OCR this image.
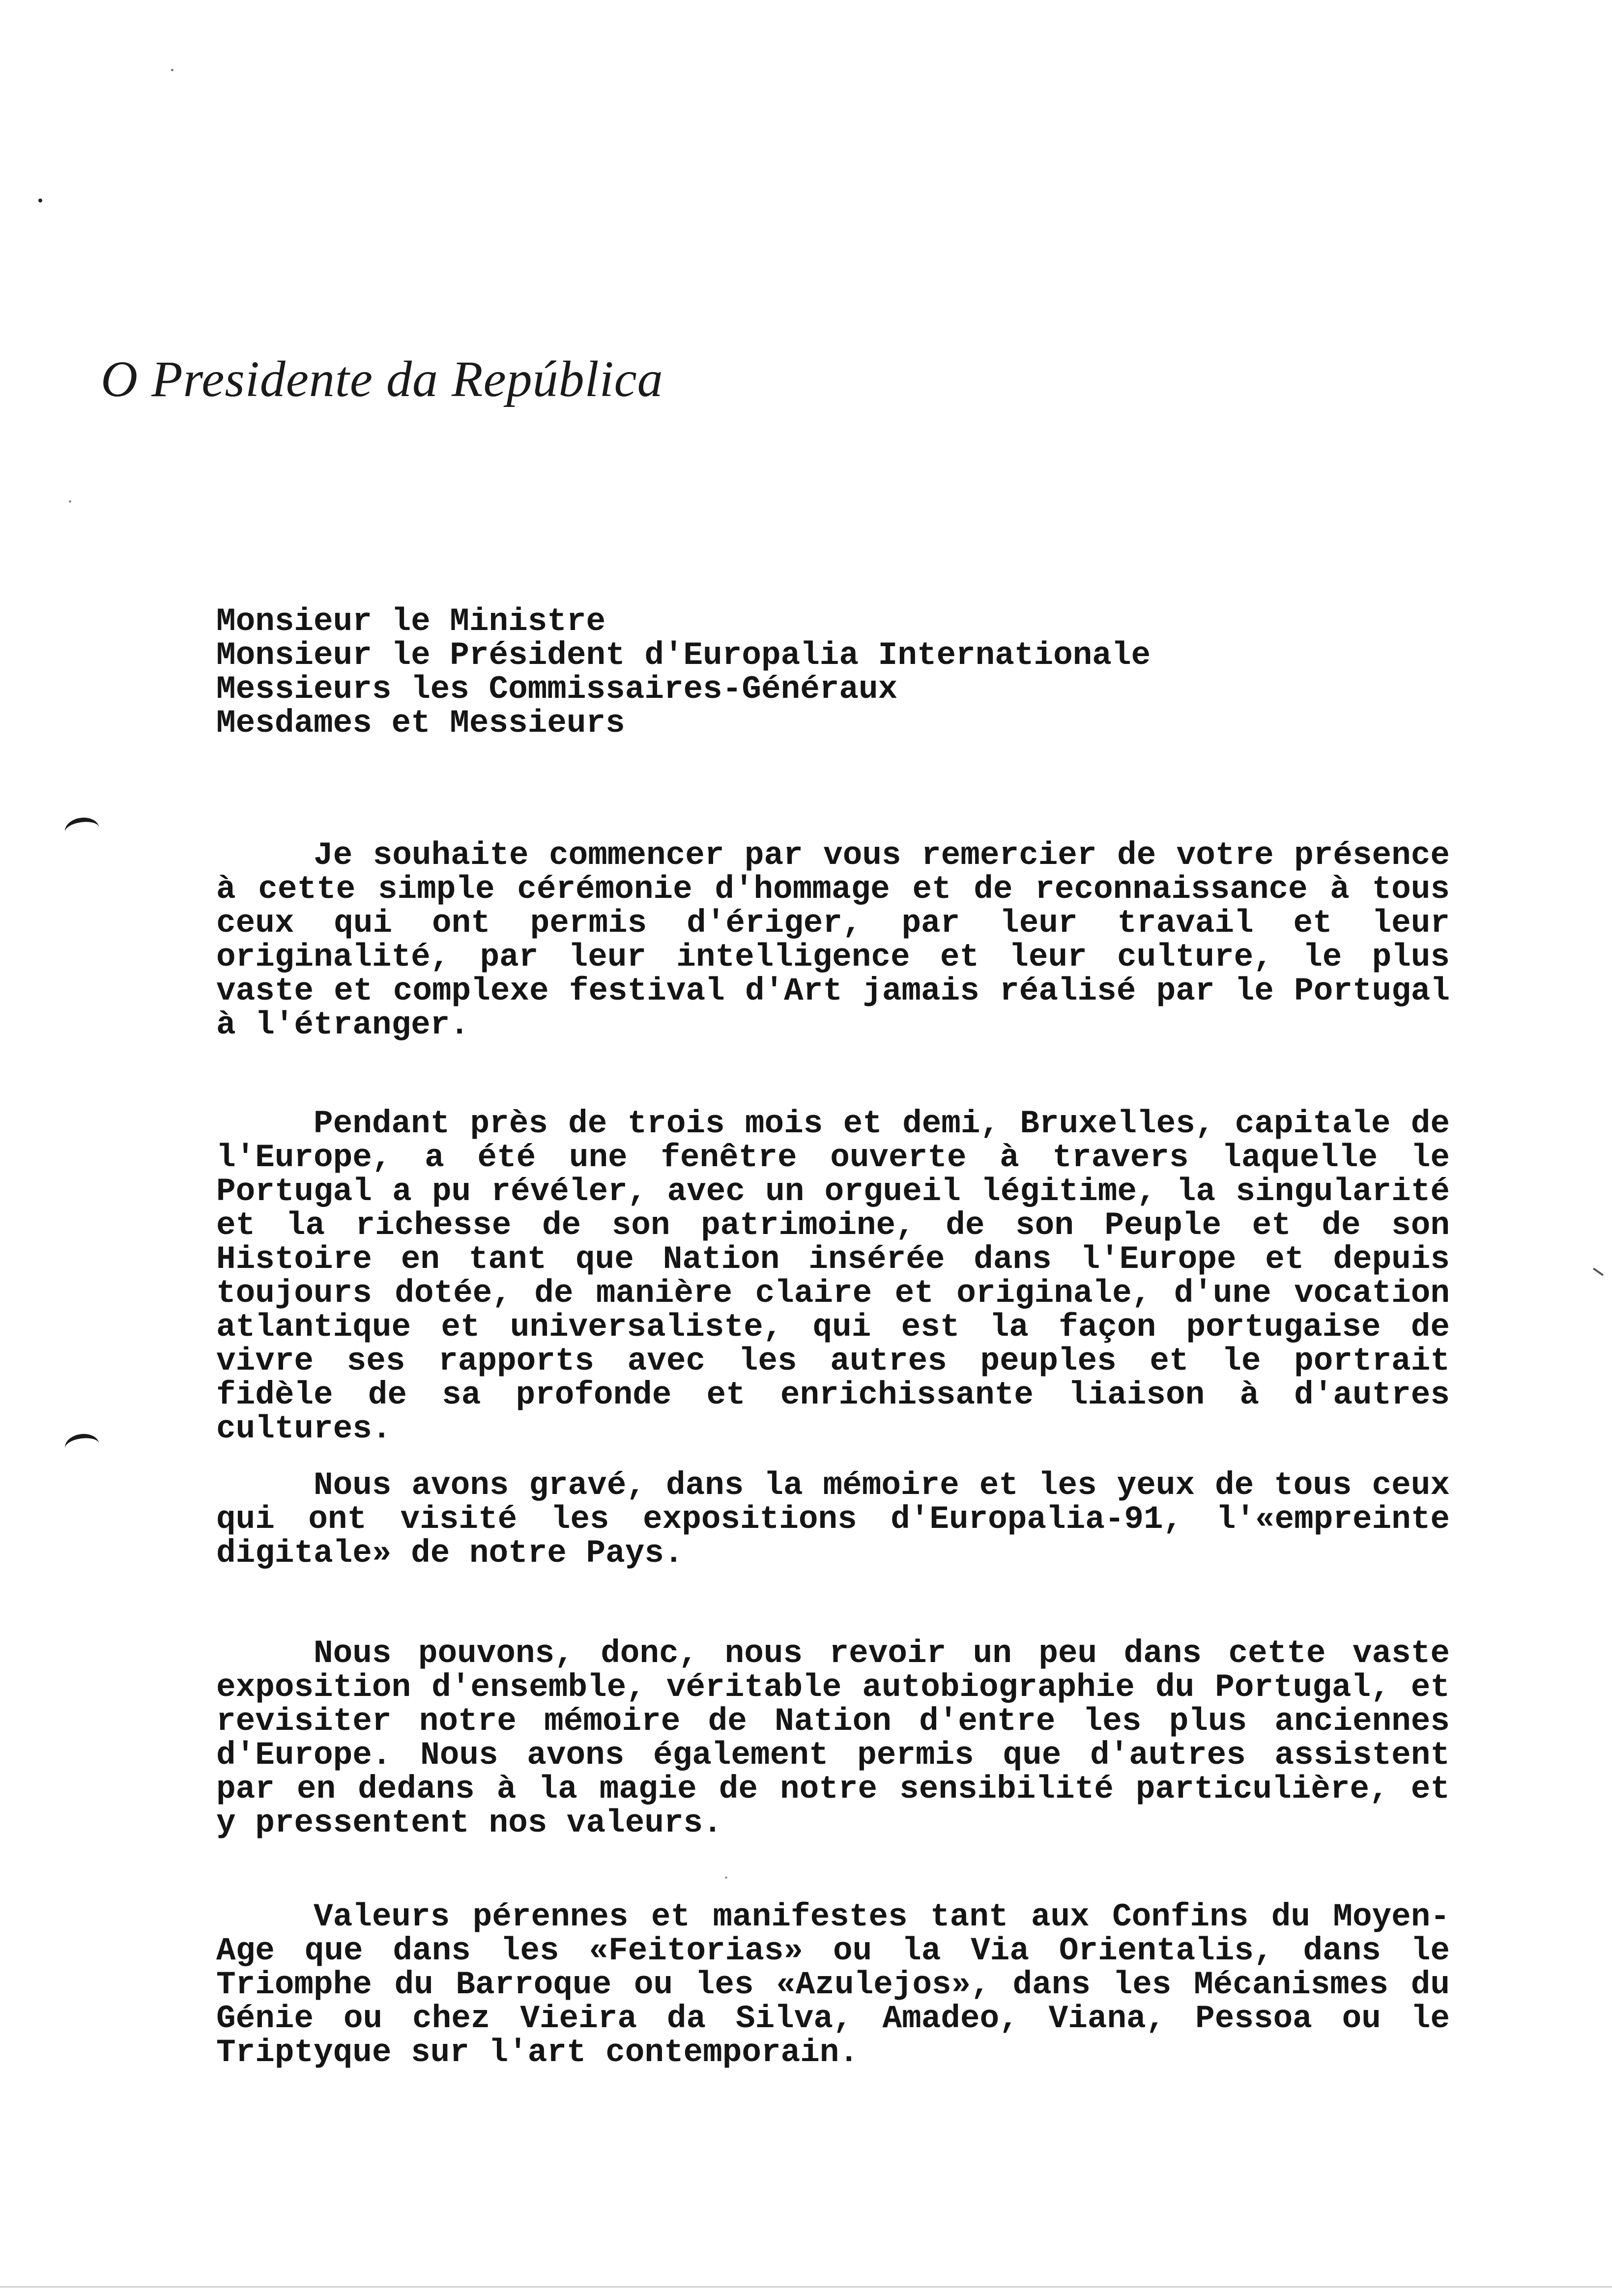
O Presidente da República
Monsieur le Ministre
Monsieur le Président d'Europalia Internationale
Messieurs les Commissaires-Généraux
Mesdames et Messieurs

Je souhaite commencer par vous remercier de votre présence à cette simple cérémonie d'hommage et de reconnaissance à tous ceux qui ont permis d'ériger, par leur travail et leur originalité, par leur intelligence et leur culture, le plus vaste et complexe festival d'Art jamais réalisé par le Portugal à l'étranger.

Pendant près de trois mois et demi, Bruxelles, capitale de l'Europe, a été une fenêtre ouverte à travers laquelle le Portugal a pu révéler, avec un orgueil légitime, la singularité et la richesse de son patrimoine, de son Peuple et de son Histoire en tant que Nation insérée dans l'Europe et depuis toujours dotée, de manière claire et originale, d'une vocation atlantique et universaliste, qui est la façon portugaise de vivre ses rapports avec les autres peuples et le portrait fidèle de sa profonde et enrichissante liaison à d'autres cultures.

Nous avons gravé, dans la mémoire et les yeux de tous ceux qui ont visité les expositions d'Europalia-91, l'«empreinte digitale» de notre Pays.

Nous pouvons, donc, nous revoir un peu dans cette vaste exposition d'ensemble, véritable autobiographie du Portugal, et revisiter notre mémoire de Nation d'entre les plus anciennes d'Europe. Nous avons également permis que d'autres assistent par en dedans à la magie de notre sensibilité particulière, et y pressentent nos valeurs.

Valeurs pérennes et manifestes tant aux Confins du Moyen-Age que dans les «Feitorias» ou la Via Orientalis, dans le Triomphe du Barroque ou les «Azulejos», dans les Mécanismes du Génie ou chez Vieira da Silva, Amadeo, Viana, Pessoa ou le Triptyque sur l'art contemporain.
